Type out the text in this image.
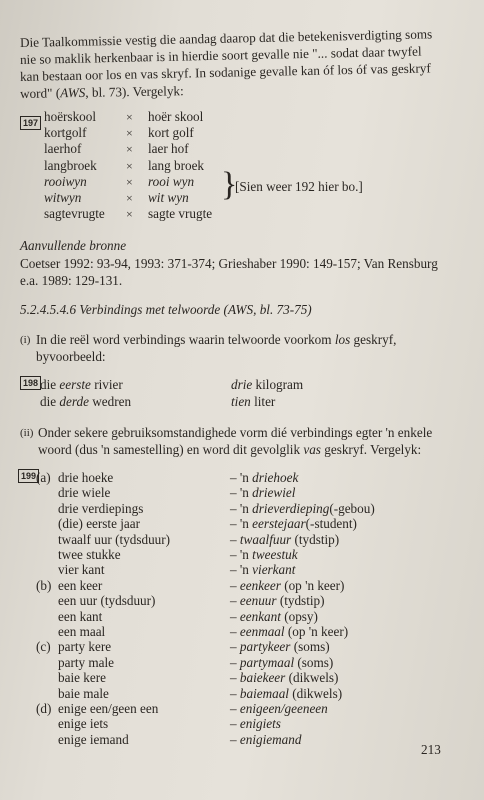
Die Taalkommissie vestig die aandag daarop dat die betekenisverdigting soms
nie so maklik herkenbaar is in hierdie soort gevalle nie "... sodat daar twyfel
kan bestaan oor los en vas skryf. In sodanige gevalle kan óf los óf vas geskryf
word" (AWS, bl. 73). Vergelyk:
197 hoërskool × hoër skool
kortgolf	× kort golf
laerhof	× laer hof
langbroek × lang broek
rooiwyn	× rooi wyn
witwyn	× wit wyn
sagtevrugte × sagte vrugte
}
[Sien weer 192 hier bo.]
Aanvullende bronne
Coetser 1992: 93-94, 1993: 371-374; Grieshaber 1990: 149-157; Van Rensburg
e.a. 1989: 129-131.
5.2.4.5.4.6 Verbindings met telwoorde (AWS, bl. 73-75)
(i) In die reël word verbindings waarin telwoorde voorkom los geskryf,
byvoorbeeld:
198 die eerste rivier	drie kilogram
die derde wedren	tien liter
(ii) Onder sekere gebruiksomstandighede vorm dié verbindings egter 'n enkele
woord (dus 'n samestelling) en word dit gevolglik vas geskryf. Vergelyk:
199 (a) drie hoeke	– 'n driehoek
drie wiele	– 'n driewiel
drie verdiepings	– 'n drieverdieping(-gebou)
(die) eerste jaar	– 'n eerstejaar(-student)
twaalf uur (tydsduur)	– twaalfuur (tydstip)
twee stukke	– 'n tweestuk
vier kant	– 'n vierkant
(b) een keer	– eenkeer (op 'n keer)
een uur (tydsduur)	– eenuur (tydstip)
een kant	– eenkant (opsy)
een maal	– eenmaal (op 'n keer)
(c) party kere	– partykeer (soms)
party male	– partymaal (soms)
baie kere	– baiekeer (dikwels)
baie male	– baiemaal (dikwels)
(d) enige een/geen een	– enigeen/geeneen
enige iets	– enigiets
enige iemand	– enigiemand
213
